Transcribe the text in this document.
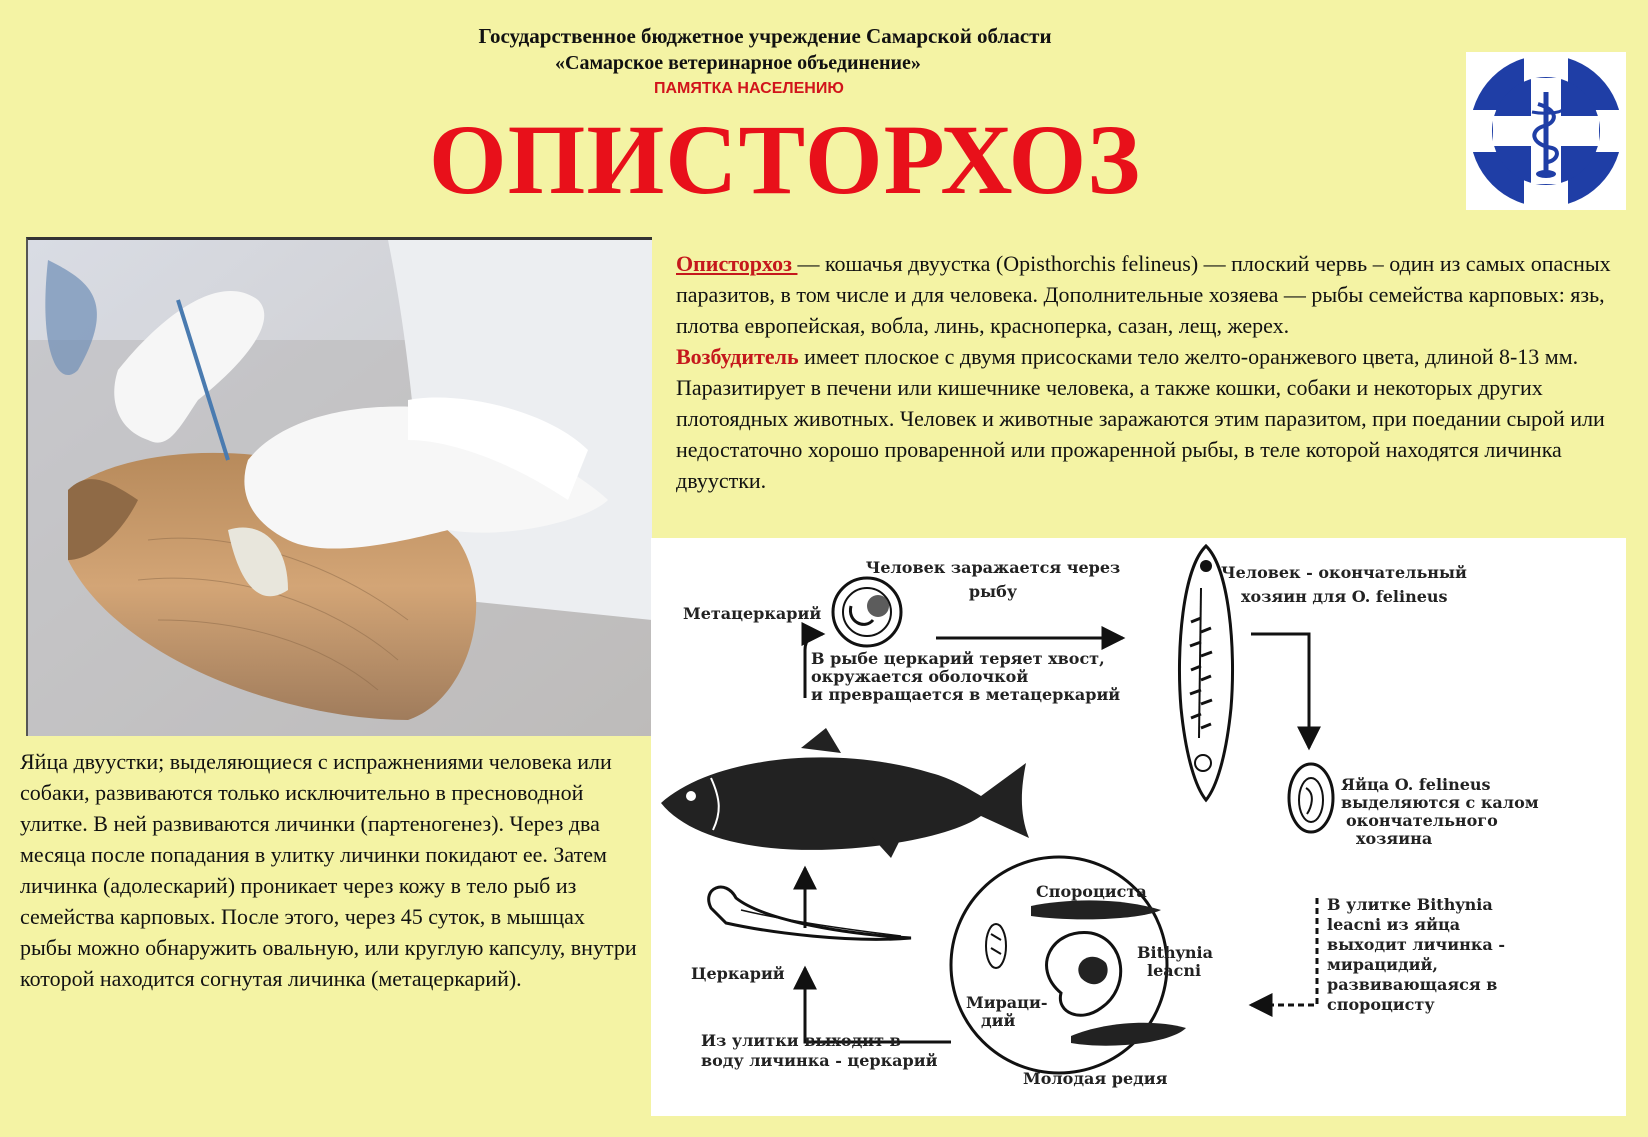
Государственное бюджетное учреждение Самарской области
«Самарское ветеринарное объединение»
ПАМЯТКА НАСЕЛЕНИЮ
ОПИСТОРХОЗ
Описторхоз — кошачья двуустка (Opisthorchis felineus) — плоский червь – один из самых опасных паразитов, в том числе и для человека. Дополнительные хозяева — рыбы семейства карповых: язь, плотва европейская, вобла, линь, красноперка, сазан, лещ, жерех.
Возбудитель имеет плоское с двумя присосками тело желто-оранжевого цвета, длиной 8-13 мм. Паразитирует в печени или кишечнике человека, а также кошки, собаки и некоторых других плотоядных животных. Человек и животные заражаются этим паразитом, при поедании сырой или недостаточно хорошо проваренной или прожаренной рыбы, в теле которой находятся личинка двуустки.
Яйца двуустки; выделяющиеся с испражнениями человека или собаки, развиваются только исключительно в пресноводной улитке. В ней развиваются личинки (партеногенез). Через два месяца после попадания в улитку личинки покидают ее. Затем личинка (адолескарий) проникает через кожу в тело рыб из семейства карповых. После этого, через 45 суток, в мышцах рыбы можно обнаружить овальную, или круглую капсулу, внутри которой находится согнутая личинка (метацеркарий).
Метацеркарий
Человек заражается через
рыбу
Человек - окончательный
хозяин для O. felineus
Яйца O. felineus
выделяются с калом
окончательного
хозяина
В рыбе церкарий теряет хвост,
окружается оболочкой
и превращается в метацеркарий
Спороциста
Bithynia
leacni
Мираци-
дий
Молодая редия
В улитке Bithynia
leacni из яйца
выходит личинка -
мирацидий,
развивающаяся в
спороцисту
Церкарий
Из улитки выходит в
воду личинка - церкарий
